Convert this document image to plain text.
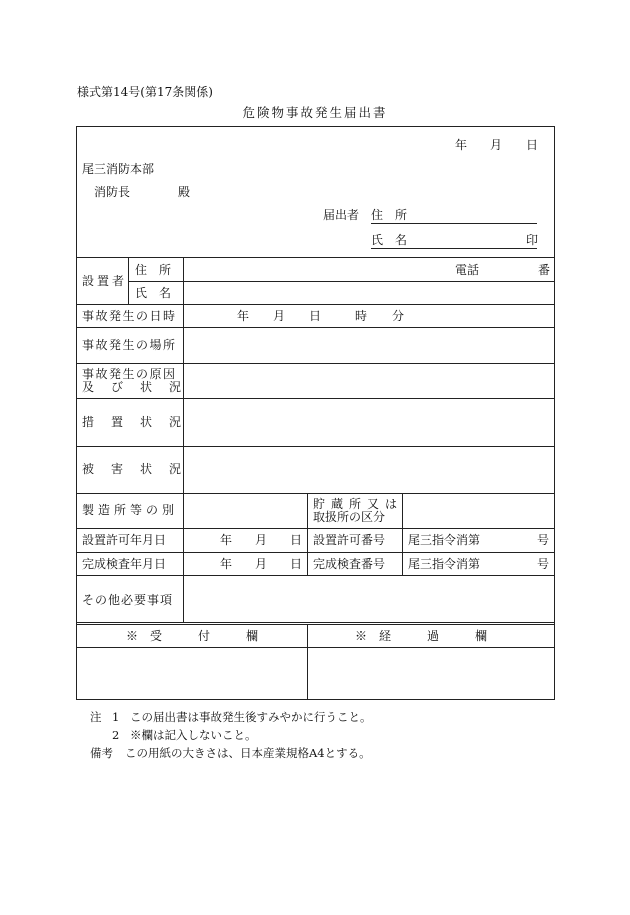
様式第14号(第17条関係)
危険物事故発生届出書
年 月 日
尾三消防本部
消防長	殿
届出者 住　所
氏　名	印
設置者
住　所	電話	番
氏　名
事故発生の日時	年 月 日	時 分
事故発生の場所
事故発生の原因
及び状況
措置状況
被害状況
製造所等の別	貯蔵所又は
取扱所の区分
設置許可年月日	年 月 日 設置許可番号 尾三指令消第	号
完成検査年月日	年 月 日 完成検査番号 尾三指令消第	号
その他必要事項
※　受　　　付　　　欄	※　経　　　過　　　欄
注 1 この届出書は事故発生後すみやかに行うこと。
2 ※欄は記入しないこと。
備考 この用紙の大きさは、日本産業規格A4とする。
